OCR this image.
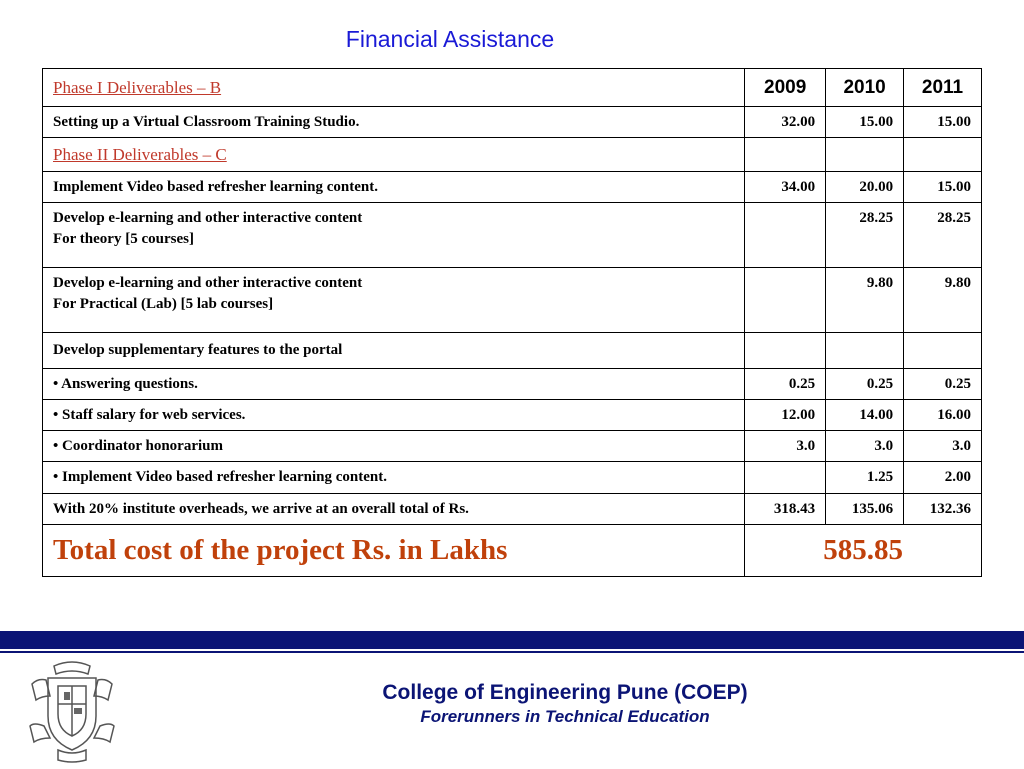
Financial Assistance
Phase I Deliverables – B	2009	2010	2011
Setting up a Virtual Classroom Training Studio.	32.00	15.00	15.00
Phase II Deliverables – C			
Implement Video based refresher learning content.	34.00	20.00	15.00

Develop e-learning and other interactive content
For theory [5 courses]		28.25	28.25

Develop e-learning and other interactive content
For Practical (Lab) [5 lab courses]		9.80	9.80
Develop supplementary features to the portal			
• Answering questions.	0.25	0.25	0.25
• Staff salary for web services.	12.00	14.00	16.00
• Coordinator honorarium	3.0	3.0	3.0
• Implement Video based refresher learning content.		1.25	2.00
With 20% institute overheads, we arrive at an overall total of Rs.	318.43	135.06	132.36
Total cost of the project Rs. in Lakhs	585.85		
College of Engineering Pune (COEP)
Forerunners in Technical Education
